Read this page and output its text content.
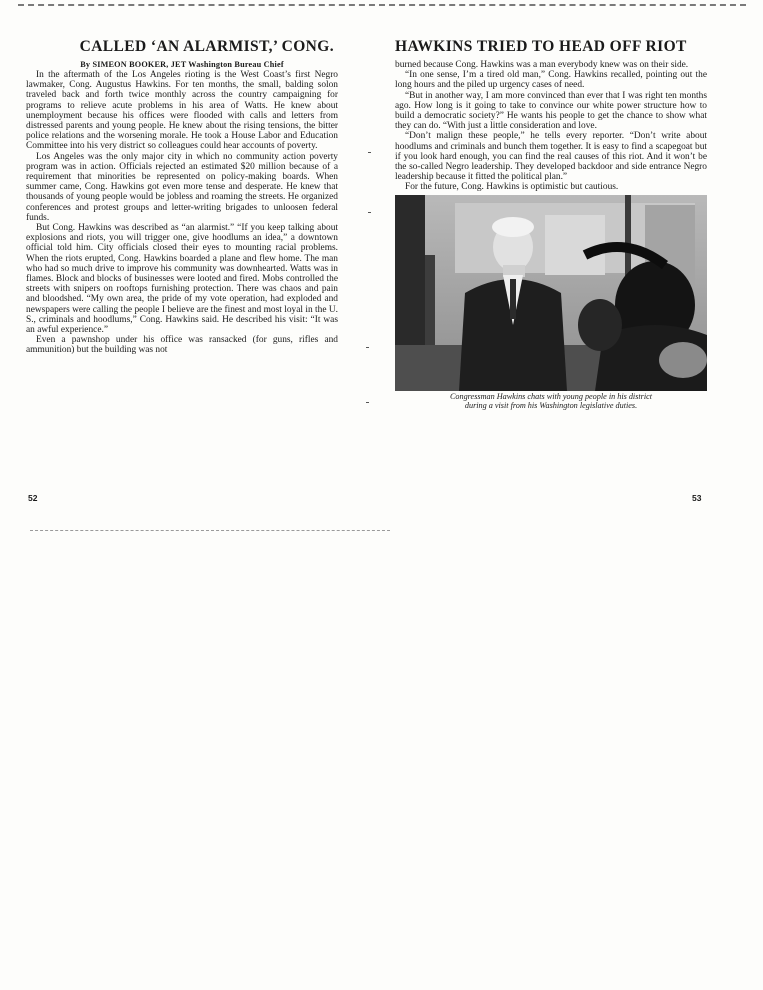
CALLED ‘AN ALARMIST,’ CONG.
By SIMEON BOOKER, JET Washington Bureau Chief

In the aftermath of the Los Angeles rioting is the West Coast’s first Negro lawmaker, Cong. Augustus Hawkins. For ten months, the small, balding solon traveled back and forth twice monthly across the country campaigning for programs to relieve acute problems in his area of Watts. He knew about unemployment because his offices were flooded with calls and letters from distressed parents and young people. He knew about the rising tensions, the bitter police relations and the worsening morale. He took a House Labor and Education Committee into his very district so colleagues could hear accounts of poverty.

Los Angeles was the only major city in which no community action poverty program was in action. Officials rejected an estimated $20 million because of a requirement that minorities be represented on policy-making boards. When summer came, Cong. Hawkins got even more tense and desperate. He knew that thousands of young people would be jobless and roaming the streets. He organized conferences and protest groups and letter-writing brigades to unloosen federal funds.

But Cong. Hawkins was described as “an alarmist.” “If you keep talking about explosions and riots, you will trigger one, give hoodlums an idea,” a downtown official told him. City officials closed their eyes to mounting racial problems. When the riots erupted, Cong. Hawkins boarded a plane and flew home. The man who had so much drive to improve his community was downhearted. Watts was in flames. Block and blocks of businesses were looted and fired. Mobs controlled the streets with snipers on rooftops furnishing protection. There was chaos and pain and bloodshed. “My own area, the pride of my vote operation, had exploded and newspapers were calling the people I believe are the finest and most loyal in the U. S., criminals and hoodlums,” Cong. Hawkins said. He described his visit: “It was an awful experience.”

Even a pawnshop under his office was ransacked (for guns, rifles and ammunition) but the building was not

52
HAWKINS TRIED TO HEAD OFF RIOT

burned because Cong. Hawkins was a man everybody knew was on their side.

“In one sense, I’m a tired old man,” Cong. Hawkins recalled, pointing out the long hours and the piled up urgency cases of need.

“But in another way, I am more convinced than ever that I was right ten months ago. How long is it going to take to convince our white power structure how to build a democratic society?” He wants his people to get the chance to show what they can do. “With just a little consideration and love.

“Don’t malign these people,” he tells every reporter. “Don’t write about hoodlums and criminals and bunch them together. It is easy to find a scapegoat but if you look hard enough, you can find the real causes of this riot. And it won’t be the so-called Negro leadership. They developed backdoor and side entrance Negro leadership because it fitted the political plan.”

For the future, Cong. Hawkins is optimistic but cautious.

Congressman Hawkins chats with young people in his district
during a visit from his Washington legislative duties.
53
